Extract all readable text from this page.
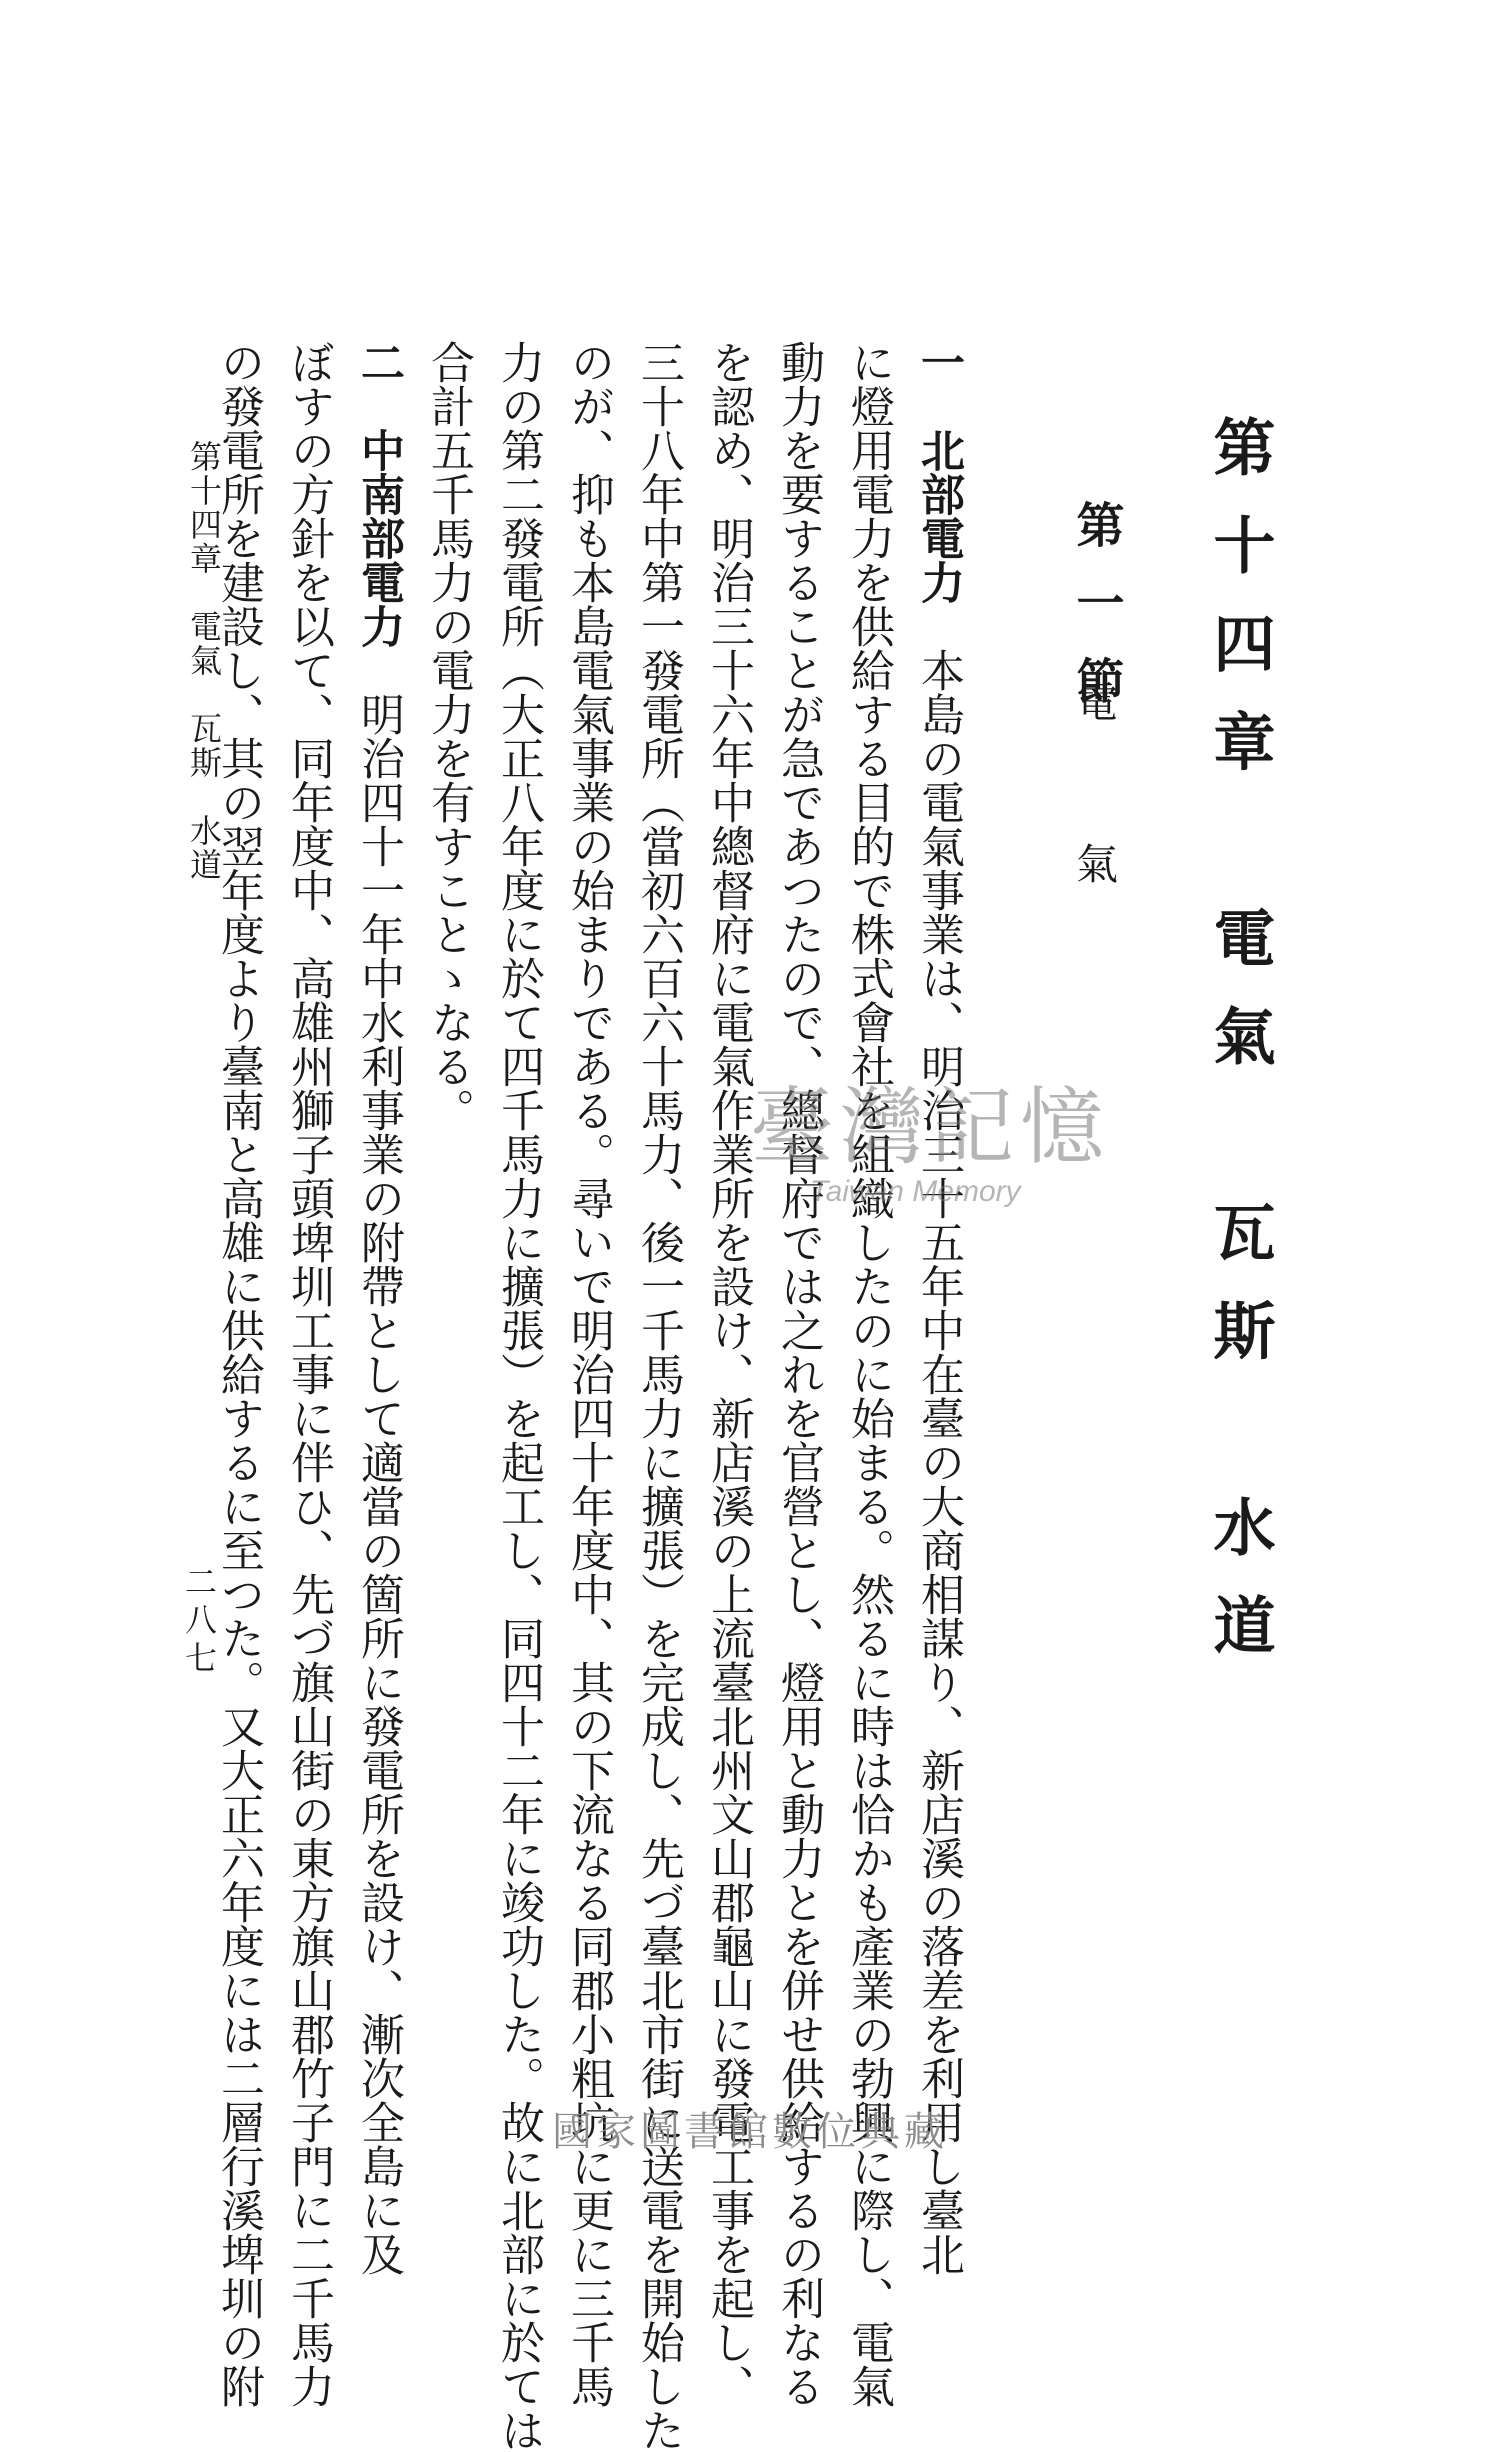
第十四章　電氣　瓦斯　水道
第一節
電氣
一　北部電力　本島の電氣事業は、明治三十五年中在臺の大商相謀り、新店溪の落差を利用し臺北
に燈用電力を供給する目的で株式會社を組織したのに始まる。然るに時は恰かも產業の勃興に際し、電氣
動力を要することが急であつたので、總督府では之れを官營とし、燈用と動力とを併せ供給するの利なる
を認め、明治三十六年中總督府に電氣作業所を設け、新店溪の上流臺北州文山郡龜山に發電工事を起し、
三十八年中第一發電所（當初六百六十馬力、後一千馬力に擴張）を完成し、先づ臺北市街に送電を開始した
のが、抑も本島電氣事業の始まりである。尋いで明治四十年度中、其の下流なる同郡小粗坑に更に三千馬
力の第二發電所（大正八年度に於て四千馬力に擴張）を起工し、同四十二年に竣功した。故に北部に於ては
合計五千馬力の電力を有すことゝなる。
二　中南部電力　明治四十一年中水利事業の附帶として適當の箇所に發電所を設け、漸次全島に及
ぼすの方針を以て、同年度中、高雄州獅子頭埤圳工事に伴ひ、先づ旗山街の東方旗山郡竹子門に二千馬力
の發電所を建設し、其の翌年度より臺南と高雄に供給するに至つた。又大正六年度には二層行溪埤圳の附
第十四章　電氣　瓦斯　水道
二八七
臺灣記憶
Taiwan Memory
國家圖書館數位典藏
